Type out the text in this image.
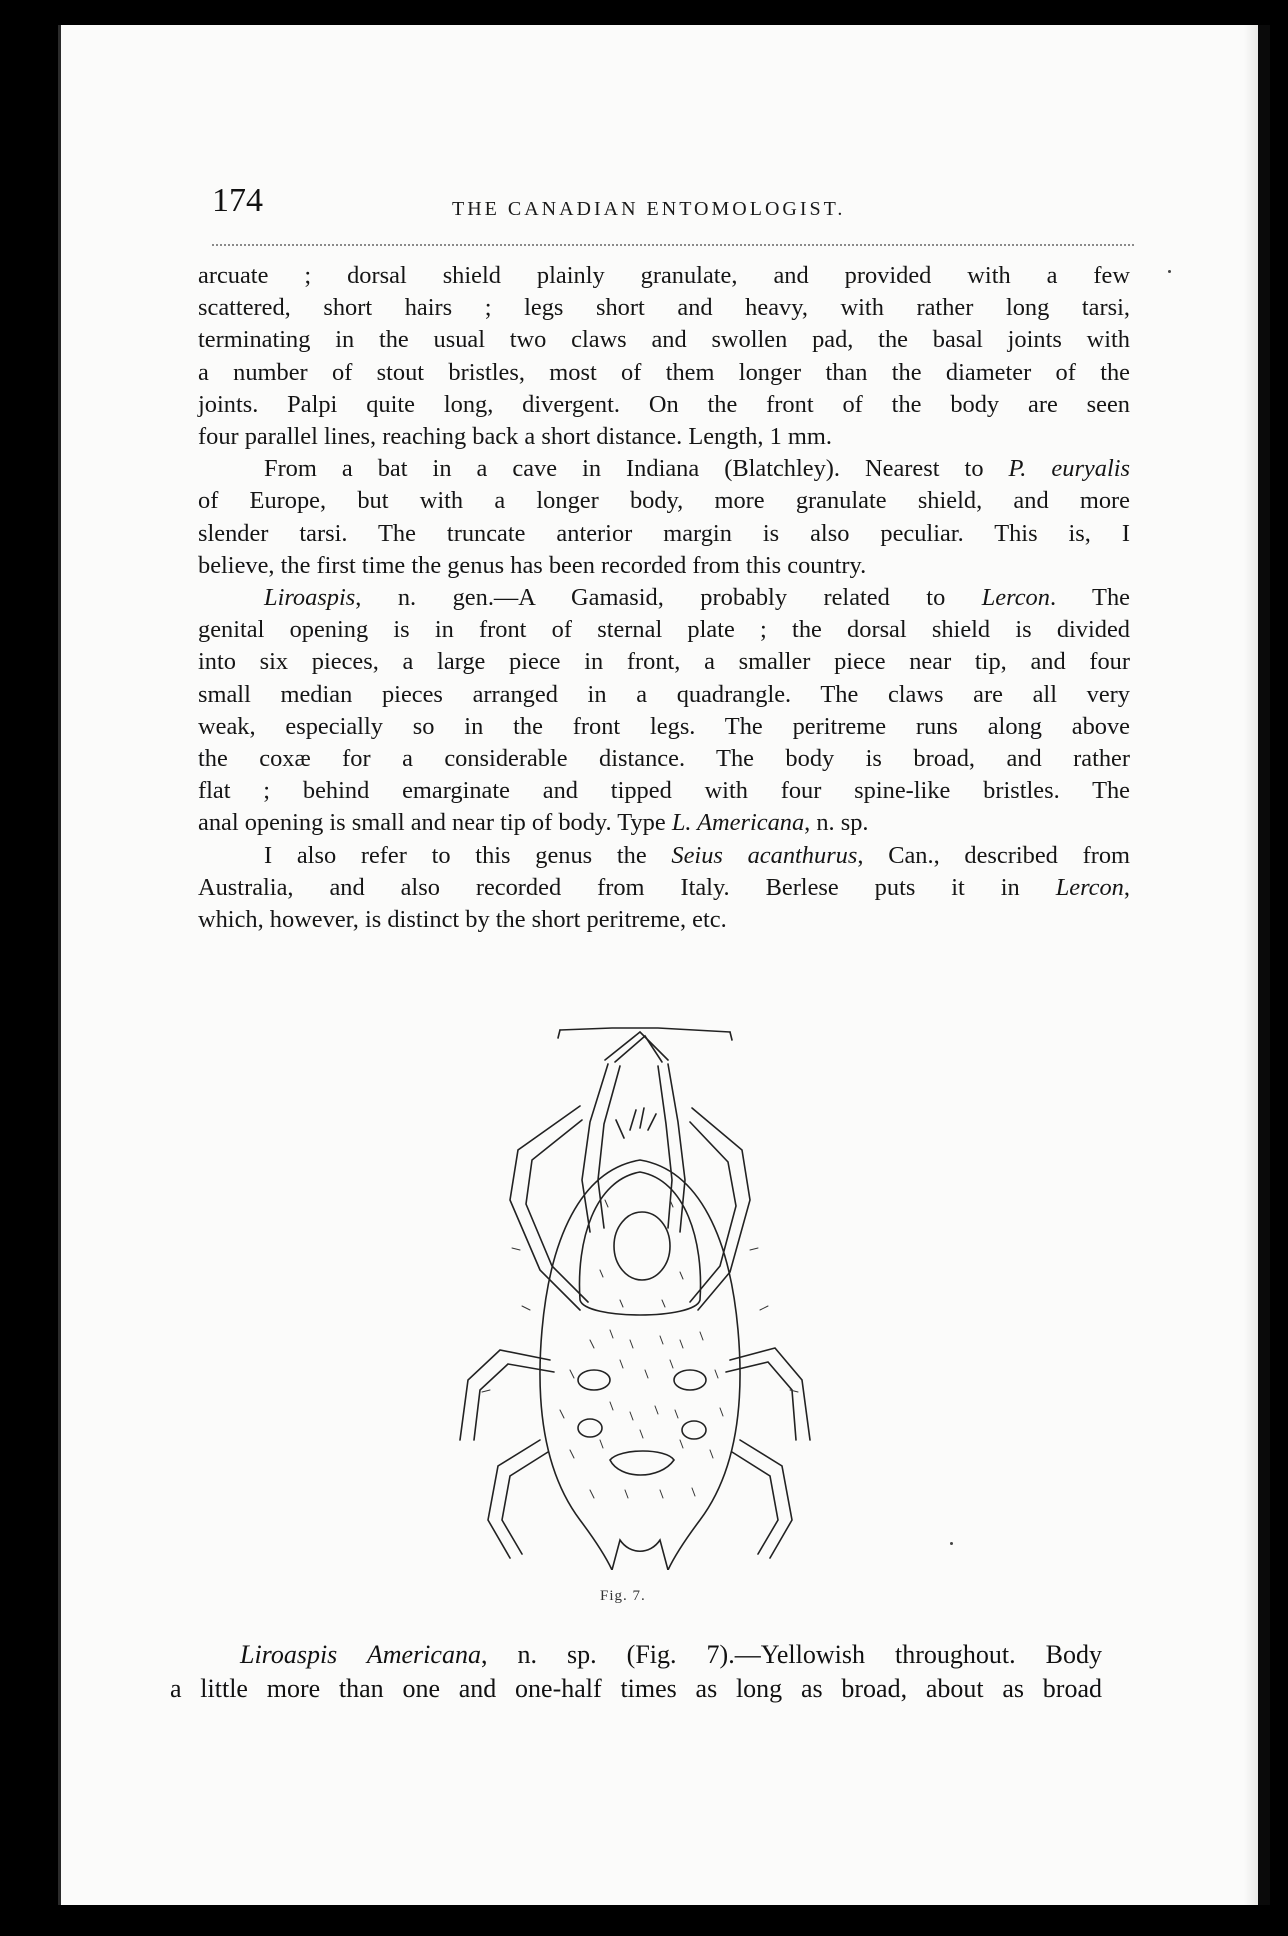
174	THE CANADIAN ENTOMOLOGIST.

arcuate ; dorsal shield plainly granulate, and provided with a few
scattered, short hairs ; legs short and heavy, with rather long tarsi,
terminating in the usual two claws and swollen pad, the basal joints with
a number of stout bristles, most of them longer than the diameter of the
joints. Palpi quite long, divergent. On the front of the body are seen
four parallel lines, reaching back a short distance. Length, 1 mm.

From a bat in a cave in Indiana (Blatchley). Nearest to P. euryalis
of Europe, but with a longer body, more granulate shield, and more
slender tarsi. The truncate anterior margin is also peculiar. This is, I
believe, the first time the genus has been recorded from this country.

Liroaspis, n. gen.—A Gamasid, probably related to Lercon. The
genital opening is in front of sternal plate ; the dorsal shield is divided
into six pieces, a large piece in front, a smaller piece near tip, and four
small median pieces arranged in a quadrangle. The claws are all very
weak, especially so in the front legs. The peritreme runs along above
the coxæ for a considerable distance. The body is broad, and rather
flat ; behind emarginate and tipped with four spine-like bristles. The
anal opening is small and near tip of body. Type L. Americana, n. sp.

I also refer to this genus the Seius acanthurus, Can., described from
Australia, and also recorded from Italy. Berlese puts it in Lercon,
which, however, is distinct by the short peritreme, etc.

Fig. 7.
Liroaspis Americana, n. sp. (Fig. 7).—Yellowish throughout. Body
a little more than one and one-half times as long as broad, about as broad
